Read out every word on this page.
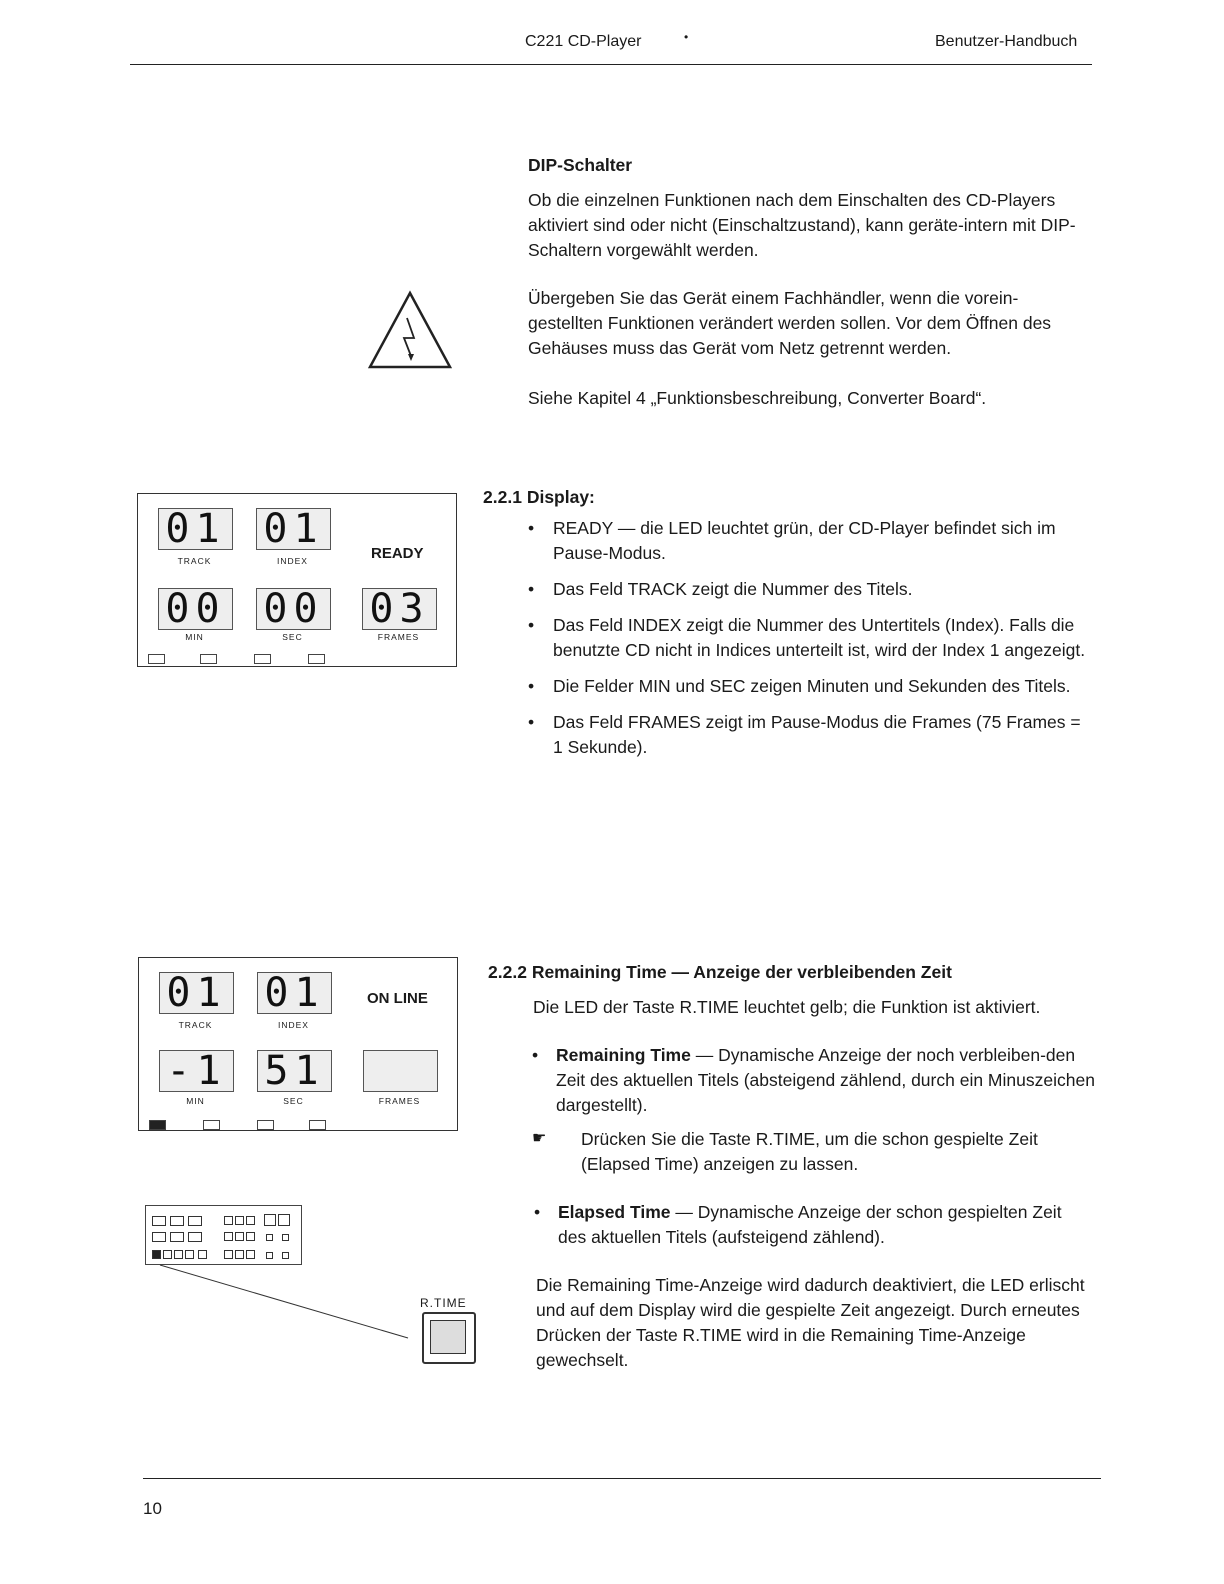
C221 CD-Player	•	Benutzer-Handbuch
DIP-Schalter

Ob die einzelnen Funktionen nach dem Einschalten des CD-Players aktiviert sind oder nicht (Einschaltzustand), kann geräte-intern mit DIP-Schaltern vorgewählt werden.

Übergeben Sie das Gerät einem Fachhändler, wenn die vorein-gestellten Funktionen verändert werden sollen. Vor dem Öffnen des Gehäuses muss das Gerät vom Netz getrennt werden.

Siehe Kapitel 4 „Funktionsbeschreibung, Converter Board“.

01
TRACK
01
INDEX	READY
00
MIN
00
SEC
03
FRAMES
2.2.1 Display:
• READY — die LED leuchtet grün, der CD-Player befindet sich im Pause-Modus.
• Das Feld TRACK zeigt die Nummer des Titels.
• Das Feld INDEX zeigt die Nummer des Untertitels (Index). Falls die benutzte CD nicht in Indices unterteilt ist, wird der Index 1 angezeigt.
• Die Felder MIN und SEC zeigen Minuten und Sekunden des Titels.
• Das Feld FRAMES zeigt im Pause-Modus die Frames (75 Frames = 1 Sekunde).
01
TRACK
01
INDEX
ON LINE
-1
MIN
51
SEC	FRAMES
2.2.2 Remaining Time — Anzeige der verbleibenden Zeit

Die LED der Taste R.TIME leuchtet gelb; die Funktion ist aktiviert.

• Remaining Time — Dynamische Anzeige der noch verbleiben-den Zeit des aktuellen Titels (absteigend zählend, durch ein Minuszeichen dargestellt).

☛ Drücken Sie die Taste R.TIME, um die schon gespielte Zeit (Elapsed Time) anzeigen zu lassen.

• Elapsed Time — Dynamische Anzeige der schon gespielten Zeit des aktuellen Titels (aufsteigend zählend).

Die Remaining Time-Anzeige wird dadurch deaktiviert, die LED erlischt und auf dem Display wird die gespielte Zeit angezeigt. Durch erneutes Drücken der Taste R.TIME wird in die Remaining Time-Anzeige gewechselt.

R.TIME
10
